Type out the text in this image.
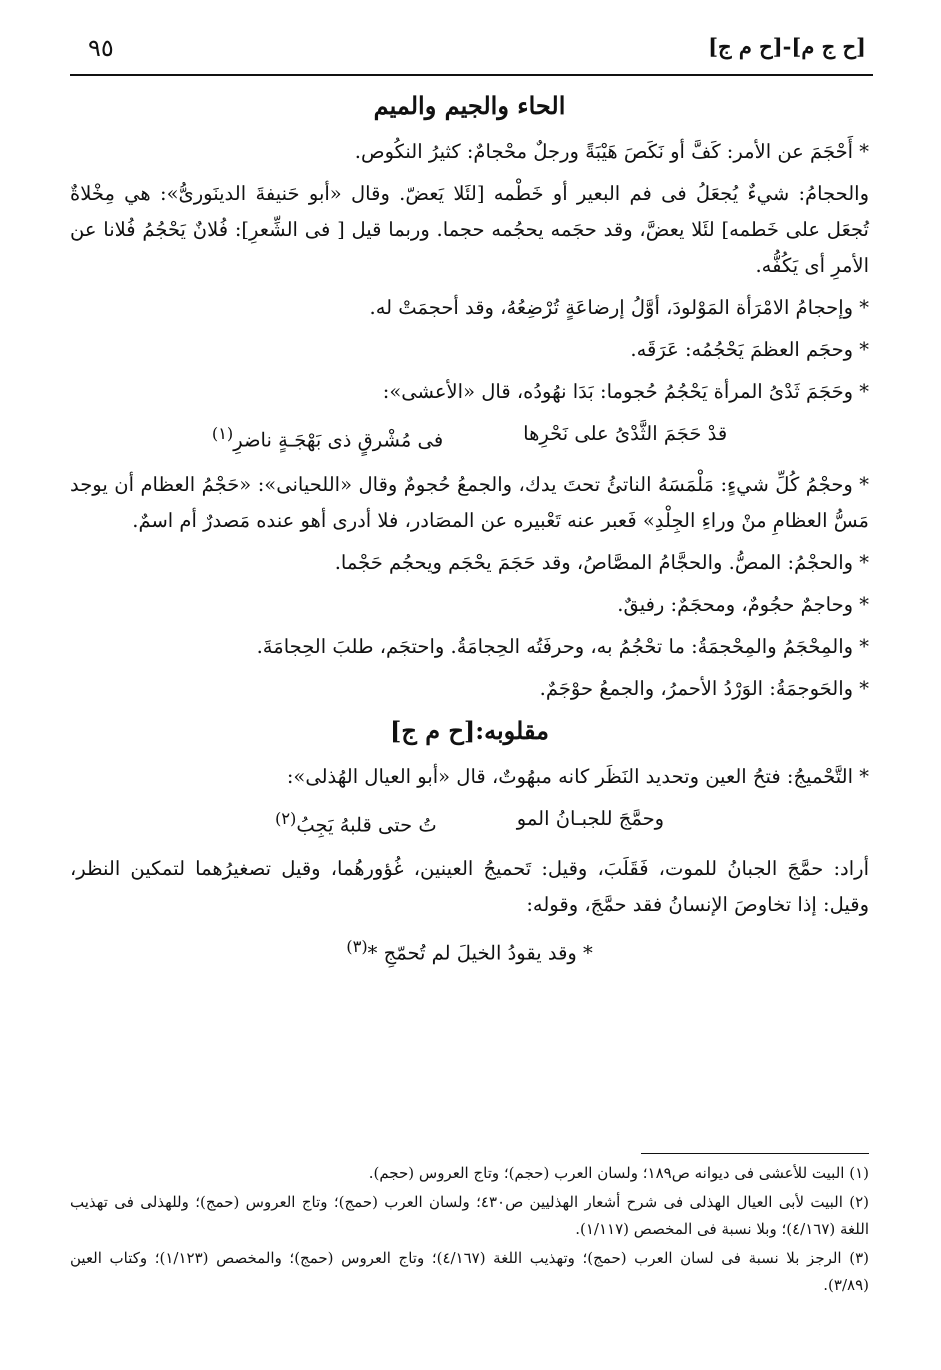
٩٥	[ح ج م]-[ح م ج]
الحاء والجيم والميم
* أَحْجَمَ عن الأمر: كَفَّ أو نَكَصَ هَيْبَةً ورجلٌ محْجامٌ: كثيرُ النكُوص.
والحجامُ: شيءٌ يُجعَلُ فى فم البعير أو خَطْمه [لئَلا يَعضّ. وقال «أبو حَنيفةَ الدينَورىُّ»: هي مِخْلاةٌ تُجعَل على خَطمه] لئَلا يعضَّ، وقد حجَمه يحجُمه حجما. وربما قيل [ فى الشِّعرِ]: فُلانٌ يَحْجُمُ فُلانا عن الأمرِ أى يَكُفُّه.
* وإحجامُ الامْرَأة المَوْلودَ، أوَّلُ إرضاعَةٍ تُرْضِعُهُ، وقد أحجمَتْ له.
* وحجَم العظمَ يَحْجُمُه: عَرَقَه.
* وحَجَمَ ثَدْىُ المرأة يَحْجُمُ حُجوما: بَدَا نهُودُه، قال «الأعشى»:
قدْ حَجَمَ الثَّدْىُ على نَحْرِها
فى مُشْرقٍ ذى بَهْجَـةٍ ناضرِ$^{(١)}$
* وحجْمُ كُلِّ شيءٍ: مَلْمَسَهُ الناتئُ تحتَ يدك، والجمعُ حُجومٌ وقال «اللحيانى»: «حَجْمُ العظام أن يوجد مَسُّ العظامِ منْ وراءِ الجِلْدِ» فَعبر عنه تَعْبيره عن المصَادر، فلا أدرى أهو عنده مَصدرٌ أم اسمٌ.
* والحجْمُ: المصُّ. والحجَّامُ المصَّاصُ، وقد حَجَمَ يحْجَم ويحجُم حَجْما.
* وحاجمٌ حجُومٌ، ومحجَمٌ: رفيقٌ.
* والمِحْجَمُ والمِحْجمَةُ: ما تحْجُمُ به، وحرفَتُه الحِجامَةُ. واحتجَم، طلبَ الحِجامَةَ.
* والحَوجمَةُ: الوَرْدُ الأحمرُ، والجمعُ حوْجَمٌ.
مقلوبه:[ح م ج]
* التَّحْميجُ: فتحُ العين وتحديد النَظَر كانه مبهُوتٌ، قال «أبو العيال الهُذلى»:
وحمَّجَ للجبـانُ المو
تُ حتى قلبهُ يَجِبُ$^{(٢)}$
أراد: حمَّجَ الجبانُ للموت، فَقَلَبَ، وقيل: تَحميجُ العينين، غُؤورهُما، وقيل تصغيرُهما لتمكين النظر، وقيل: إذا تخاوصَ الإنسانُ فقد حمَّجَ، وقوله:
* وقد يقودُ الخيلَ لم تُحمّجِ *$^{(٣)}$
(١) البيت للأعشى فى ديوانه ص١٨٩؛ ولسان العرب (حجم)؛ وتاج العروس (حجم).
(٢) البيت لأبى العيال الهذلى فى شرح أشعار الهذليين ص٤٣٠؛ ولسان العرب (حمج)؛ وتاج العروس (حمج)؛ وللهذلى فى تهذيب اللغة (٤/١٦٧)؛ وبلا نسبة فى المخصص (١/١١٧).
(٣) الرجز بلا نسبة فى لسان العرب (حمج)؛ وتهذيب اللغة (٤/١٦٧)؛ وتاج العروس (حمج)؛ والمخصص (١/١٢٣)؛ وكتاب العين (٣/٨٩).
